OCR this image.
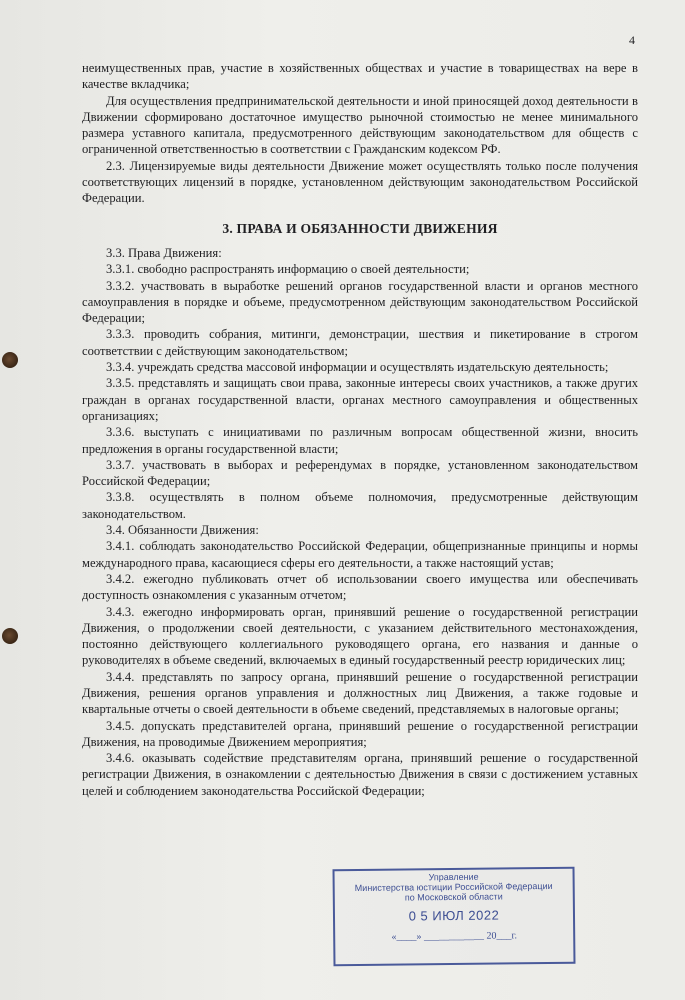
4

неимущественных прав, участие в хозяйственных обществах и участие в товариществах на вере в качестве вкладчика;

Для осуществления предпринимательской деятельности и иной приносящей доход деятельности в Движении сформировано достаточное имущество рыночной стоимостью не менее минимального размера уставного капитала, предусмотренного действующим законодательством для обществ с ограниченной ответственностью в соответствии с Гражданским кодексом РФ.

2.3. Лицензируемые виды деятельности Движение может осуществлять только после получения соответствующих лицензий в порядке, установленном действующим законодательством Российской Федерации.

3. ПРАВА И ОБЯЗАННОСТИ ДВИЖЕНИЯ

3.3. Права Движения:

3.3.1. свободно распространять информацию о своей деятельности;

3.3.2. участвовать в выработке решений органов государственной власти и органов местного самоуправления в порядке и объеме, предусмотренном действующим законодательством Российской Федерации;

3.3.3. проводить собрания, митинги, демонстрации, шествия и пикетирование в строгом соответствии с действующим законодательством;

3.3.4. учреждать средства массовой информации и осуществлять издательскую деятельность;

3.3.5. представлять и защищать свои права, законные интересы своих участников, а также других граждан в органах государственной власти, органах местного самоуправления и общественных организациях;

3.3.6. выступать с инициативами по различным вопросам общественной жизни, вносить предложения в органы государственной власти;

3.3.7. участвовать в выборах и референдумах в порядке, установленном законодательством Российской Федерации;

3.3.8. осуществлять в полном объеме полномочия, предусмотренные действующим законодательством.

3.4. Обязанности Движения:

3.4.1. соблюдать законодательство Российской Федерации, общепризнанные принципы и нормы международного права, касающиеся сферы его деятельности, а также настоящий устав;

3.4.2. ежегодно публиковать отчет об использовании своего имущества или обеспечивать доступность ознакомления с указанным отчетом;

3.4.3. ежегодно информировать орган, принявший решение о государственной регистрации Движения, о продолжении своей деятельности, с указанием действительного местонахождения, постоянно действующего коллегиального руководящего органа, его названия и данные о руководителях в объеме сведений, включаемых в единый государственный реестр юридических лиц;

3.4.4. представлять по запросу органа, принявший решение о государственной регистрации Движения, решения органов управления и должностных лиц Движения, а также годовые и квартальные отчеты о своей деятельности в объеме сведений, представляемых в налоговые органы;

3.4.5. допускать представителей органа, принявший решение о государственной регистрации Движения, на проводимые Движением мероприятия;

3.4.6. оказывать содействие представителям органа, принявший решение о государственной регистрации Движения, в ознакомлении с деятельностью Движения в связи с достижением уставных целей и соблюдением законодательства Российской Федерации;

Управление
Министерства юстиции Российской Федерации
по Московской области
0 5 ИЮЛ 2022
«____» ____________ 20___г.
